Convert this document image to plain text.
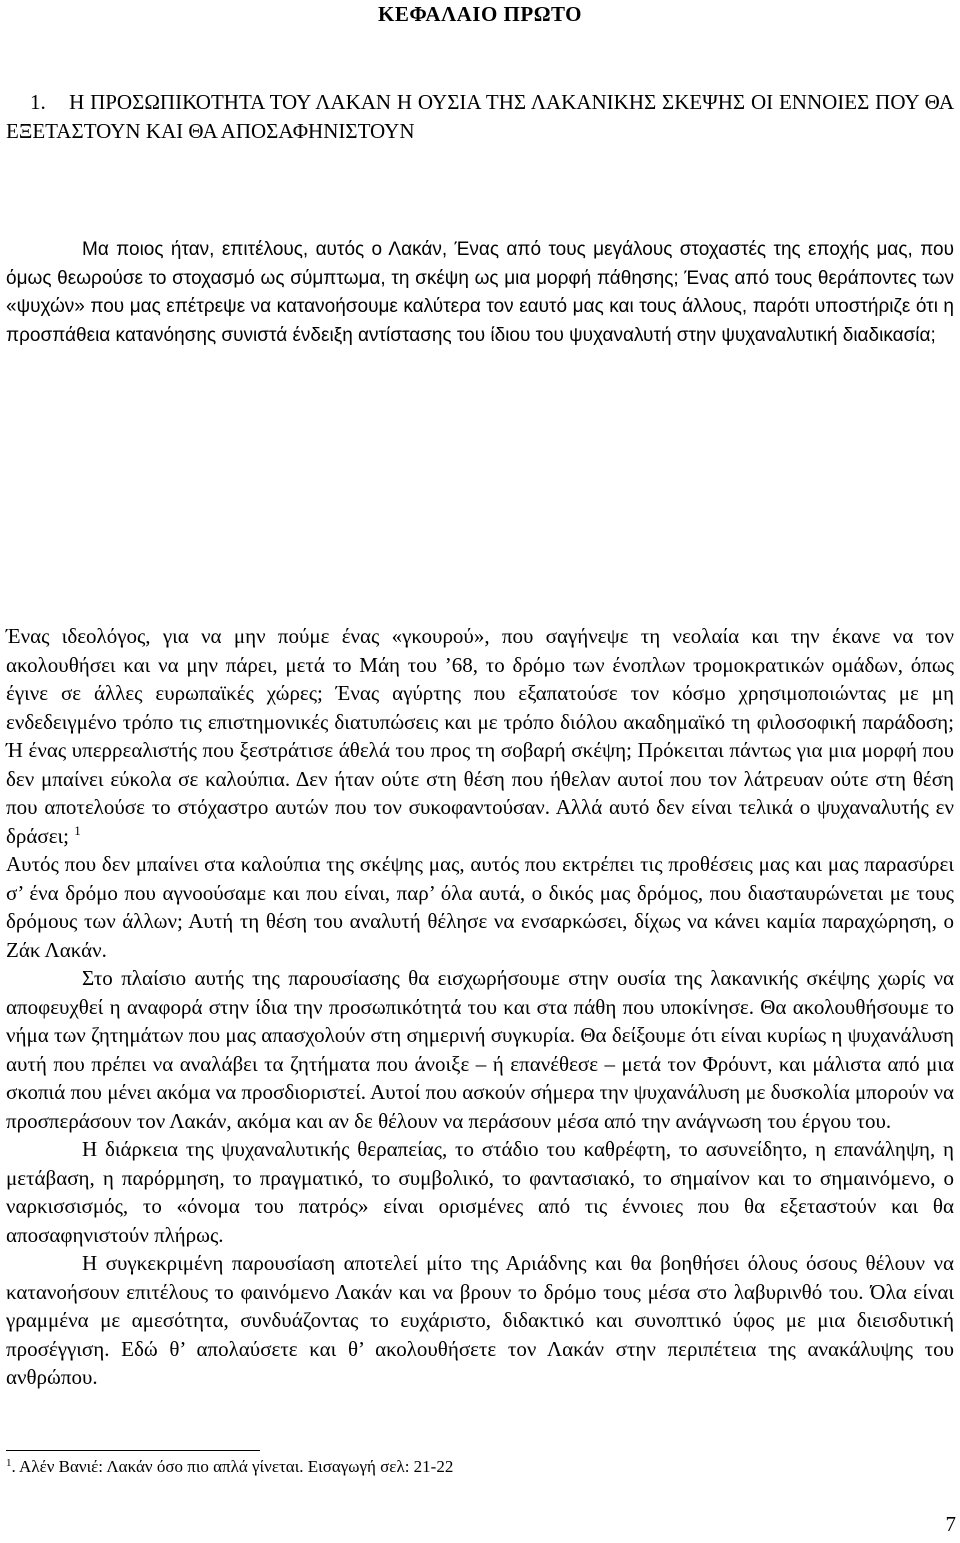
ΚΕΦΑΛΑΙΟ ΠΡΩΤΟ
1. Η ΠΡΟΣΩΠΙΚΟΤΗΤΑ ΤΟΥ ΛΑΚΑΝ Η ΟΥΣΙΑ ΤΗΣ ΛΑΚΑΝΙΚΗΣ ΣΚΕΨΗΣ ΟΙ ΕΝΝΟΙΕΣ ΠΟΥ ΘΑ ΕΞΕΤΑΣΤΟΥΝ ΚΑΙ ΘΑ ΑΠΟΣΑΦΗΝΙΣΤΟΥΝ
Μα ποιος ήταν, επιτέλους, αυτός ο Λακάν, Ένας από τους μεγάλους στοχαστές της εποχής μας, που όμως θεωρούσε το στοχασμό ως σύμπτωμα, τη σκέψη ως μια μορφή πάθησης; Ένας από τους θεράποντες των «ψυχών» που μας επέτρεψε να κατανοήσουμε καλύτερα τον εαυτό μας και τους άλλους, παρότι υποστήριζε ότι η προσπάθεια κατανόησης συνιστά ένδειξη αντίστασης του ίδιου του ψυχαναλυτή στην ψυχαναλυτική διαδικασία;

Ένας ιδεολόγος, για να μην πούμε ένας «γκουρού», που σαγήνεψε τη νεολαία και την έκανε να τον ακολουθήσει και να μην πάρει, μετά το Μάη του ’68, το δρόμο των ένοπλων τρομοκρατικών ομάδων, όπως έγινε σε άλλες ευρωπαϊκές χώρες; Ένας αγύρτης που εξαπατούσε τον κόσμο χρησιμοποιώντας με μη ενδεδειγμένο τρόπο τις επιστημονικές διατυπώσεις και με τρόπο διόλου ακαδημαϊκό τη φιλοσοφική παράδοση; Ή ένας υπερρεαλιστής που ξεστράτισε άθελά του προς τη σοβαρή σκέψη; Πρόκειται πάντως για μια μορφή που δεν μπαίνει εύκολα σε καλούπια. Δεν ήταν ούτε στη θέση που ήθελαν αυτοί που τον λάτρευαν ούτε στη θέση που αποτελούσε το στόχαστρο αυτών που τον συκοφαντούσαν. Αλλά αυτό δεν είναι τελικά ο ψυχαναλυτής εν δράσει; $^1$

Αυτός που δεν μπαίνει στα καλούπια της σκέψης μας, αυτός που εκτρέπει τις προθέσεις μας και μας παρασύρει σ’ ένα δρόμο που αγνοούσαμε και που είναι, παρ’ όλα αυτά, ο δικός μας δρόμος, που διασταυρώνεται με τους δρόμους των άλλων; Αυτή τη θέση του αναλυτή θέλησε να ενσαρκώσει, δίχως να κάνει καμία παραχώρηση, ο Ζάκ Λακάν.

Στο πλαίσιο αυτής της παρουσίασης θα εισχωρήσουμε στην ουσία της λακανικής σκέψης χωρίς να αποφευχθεί η αναφορά στην ίδια την προσωπικότητά του και στα πάθη που υποκίνησε. Θα ακολουθήσουμε το νήμα των ζητημάτων που μας απασχολούν στη σημερινή συγκυρία. Θα δείξουμε ότι είναι κυρίως η ψυχανάλυση αυτή που πρέπει να αναλάβει τα ζητήματα που άνοιξε – ή επανέθεσε – μετά τον Φρόυντ, και μάλιστα από μια σκοπιά που μένει ακόμα να προσδιοριστεί. Αυτοί που ασκούν σήμερα την ψυχανάλυση με δυσκολία μπορούν να προσπεράσουν τον Λακάν, ακόμα και αν δε θέλουν να περάσουν μέσα από την ανάγνωση του έργου του.

Η διάρκεια της ψυχαναλυτικής θεραπείας, το στάδιο του καθρέφτη, το ασυνείδητο, η επανάληψη, η μετάβαση, η παρόρμηση, το πραγματικό, το συμβολικό, το φαντασιακό, το σημαίνον και το σημαινόμενο, ο ναρκισσισμός, το «όνομα του πατρός» είναι ορισμένες από τις έννοιες που θα εξεταστούν και θα αποσαφηνιστούν πλήρως.

Η συγκεκριμένη παρουσίαση αποτελεί μίτο της Αριάδνης και θα βοηθήσει όλους όσους θέλουν να κατανοήσουν επιτέλους το φαινόμενο Λακάν και να βρουν το δρόμο τους μέσα στο λαβυρινθό του. Όλα είναι γραμμένα με αμεσότητα, συνδυάζοντας το ευχάριστο, διδακτικό και συνοπτικό ύφος με μια διεισδυτική προσέγγιση. Εδώ θ’ απολαύσετε και θ’ ακολουθήσετε τον Λακάν στην περιπέτεια της ανακάλυψης του ανθρώπου.

$^1$. Αλέν Βανιέ: Λακάν όσο πιο απλά γίνεται. Εισαγωγή σελ: 21-22
7
